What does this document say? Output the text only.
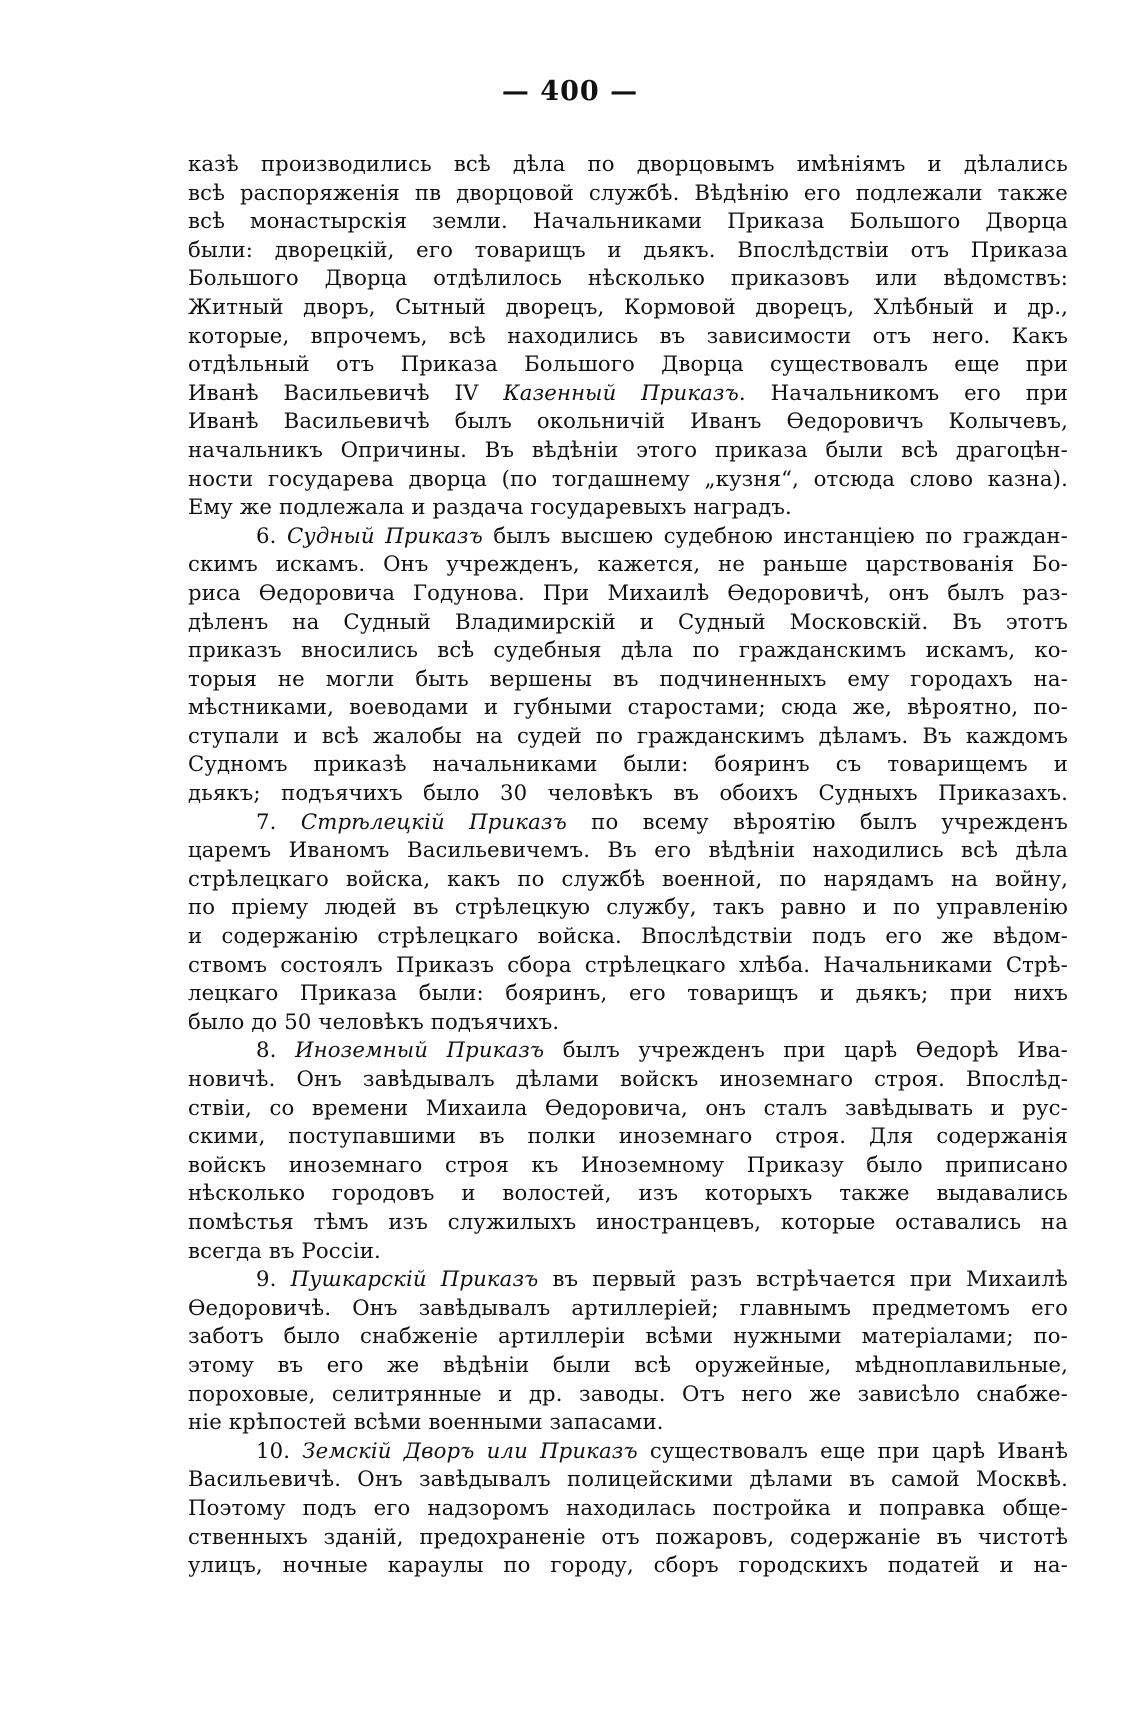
— 400 —
казѣ производились всѣ дѣла по дворцовымъ имѣніямъ и дѣлались
всѣ распоряженія пв дворцовой службѣ. Вѣдѣнію его подлежали также
всѣ монастырскія земли. Начальниками Приказа Большого Дворца
были: дворецкій, его товарищъ и дьякъ. Впослѣдствіи отъ Приказа
Большого Дворца отдѣлилось нѣсколько приказовъ или вѣдомствъ:
Житный дворъ, Сытный дворецъ, Кормовой дворецъ, Хлѣбный и др.,
которые, впрочемъ, всѣ находились въ зависимости отъ него. Какъ
отдѣльный отъ Приказа Большого Дворца существовалъ еще при
Иванѣ Васильевичѣ IV Казенный Приказъ. Начальникомъ его при
Иванѣ Васильевичѣ былъ окольничій Иванъ Ѳедоровичъ Колычевъ,
начальникъ Опричины. Въ вѣдѣніи этого приказа были всѣ драгоцѣн-
ности государева дворца (по тогдашнему „кузня“, отсюда слово казна).
Ему же подлежала и раздача государевыхъ наградъ.
6. Судный Приказъ былъ высшею судебною инстанціею по граждан-
скимъ искамъ. Онъ учрежденъ, кажется, не раньше царствованія Бо-
риса Ѳедоровича Годунова. При Михаилѣ Ѳедоровичѣ, онъ былъ раз-
дѣленъ на Судный Владимирскій и Судный Московскій. Въ этотъ
приказъ вносились всѣ судебныя дѣла по гражданскимъ искамъ, ко-
торыя не могли быть вершены въ подчиненныхъ ему городахъ на-
мѣстниками, воеводами и губными старостами; сюда же, вѣроятно, по-
ступали и всѣ жалобы на судей по гражданскимъ дѣламъ. Въ каждомъ
Судномъ приказѣ начальниками были: бояринъ съ товарищемъ и
дьякъ; подъячихъ было 30 человѣкъ въ обоихъ Судныхъ Приказахъ.
7. Стрѣлецкій Приказъ по всему вѣроятію былъ учрежденъ
царемъ Иваномъ Васильевичемъ. Въ его вѣдѣніи находились всѣ дѣла
стрѣлецкаго войска, какъ по службѣ военной, по нарядамъ на войну,
по пріему людей въ стрѣлецкую службу, такъ равно и по управленію
и содержанію стрѣлецкаго войска. Впослѣдствіи подъ его же вѣдом-
ствомъ состоялъ Приказъ сбора стрѣлецкаго хлѣба. Начальниками Стрѣ-
лецкаго Приказа были: бояринъ, его товарищъ и дьякъ; при нихъ
было до 50 человѣкъ подъячихъ.
8. Иноземный Приказъ былъ учрежденъ при царѣ Ѳедорѣ Ива-
новичѣ. Онъ завѣдывалъ дѣлами войскъ иноземнаго строя. Впослѣд-
ствіи, со времени Михаила Ѳедоровича, онъ сталъ завѣдывать и рус-
скими, поступавшими въ полки иноземнаго строя. Для содержанія
войскъ иноземнаго строя къ Иноземному Приказу было приписано
нѣсколько городовъ и волостей, изъ которыхъ также выдавались
помѣстья тѣмъ изъ служилыхъ иностранцевъ, которые оставались на
всегда въ Россіи.
9. Пушкарскій Приказъ въ первый разъ встрѣчается при Михаилѣ
Ѳедоровичѣ. Онъ завѣдывалъ артиллеріей; главнымъ предметомъ его
заботъ было снабженіе артиллеріи всѣми нужными матеріалами; по-
этому въ его же вѣдѣніи были всѣ оружейные, мѣдноплавильные,
пороховые, селитрянные и др. заводы. Отъ него же зависѣло снабже-
ніе крѣпостей всѣми военными запасами.
10. Земскій Дворъ или Приказъ существовалъ еще при царѣ Иванѣ
Васильевичѣ. Онъ завѣдывалъ полицейскими дѣлами въ самой Москвѣ.
Поэтому подъ его надзоромъ находилась постройка и поправка обще-
ственныхъ зданій, предохраненіе отъ пожаровъ, содержаніе въ чистотѣ
улицъ, ночные караулы по городу, сборъ городскихъ податей и на-
